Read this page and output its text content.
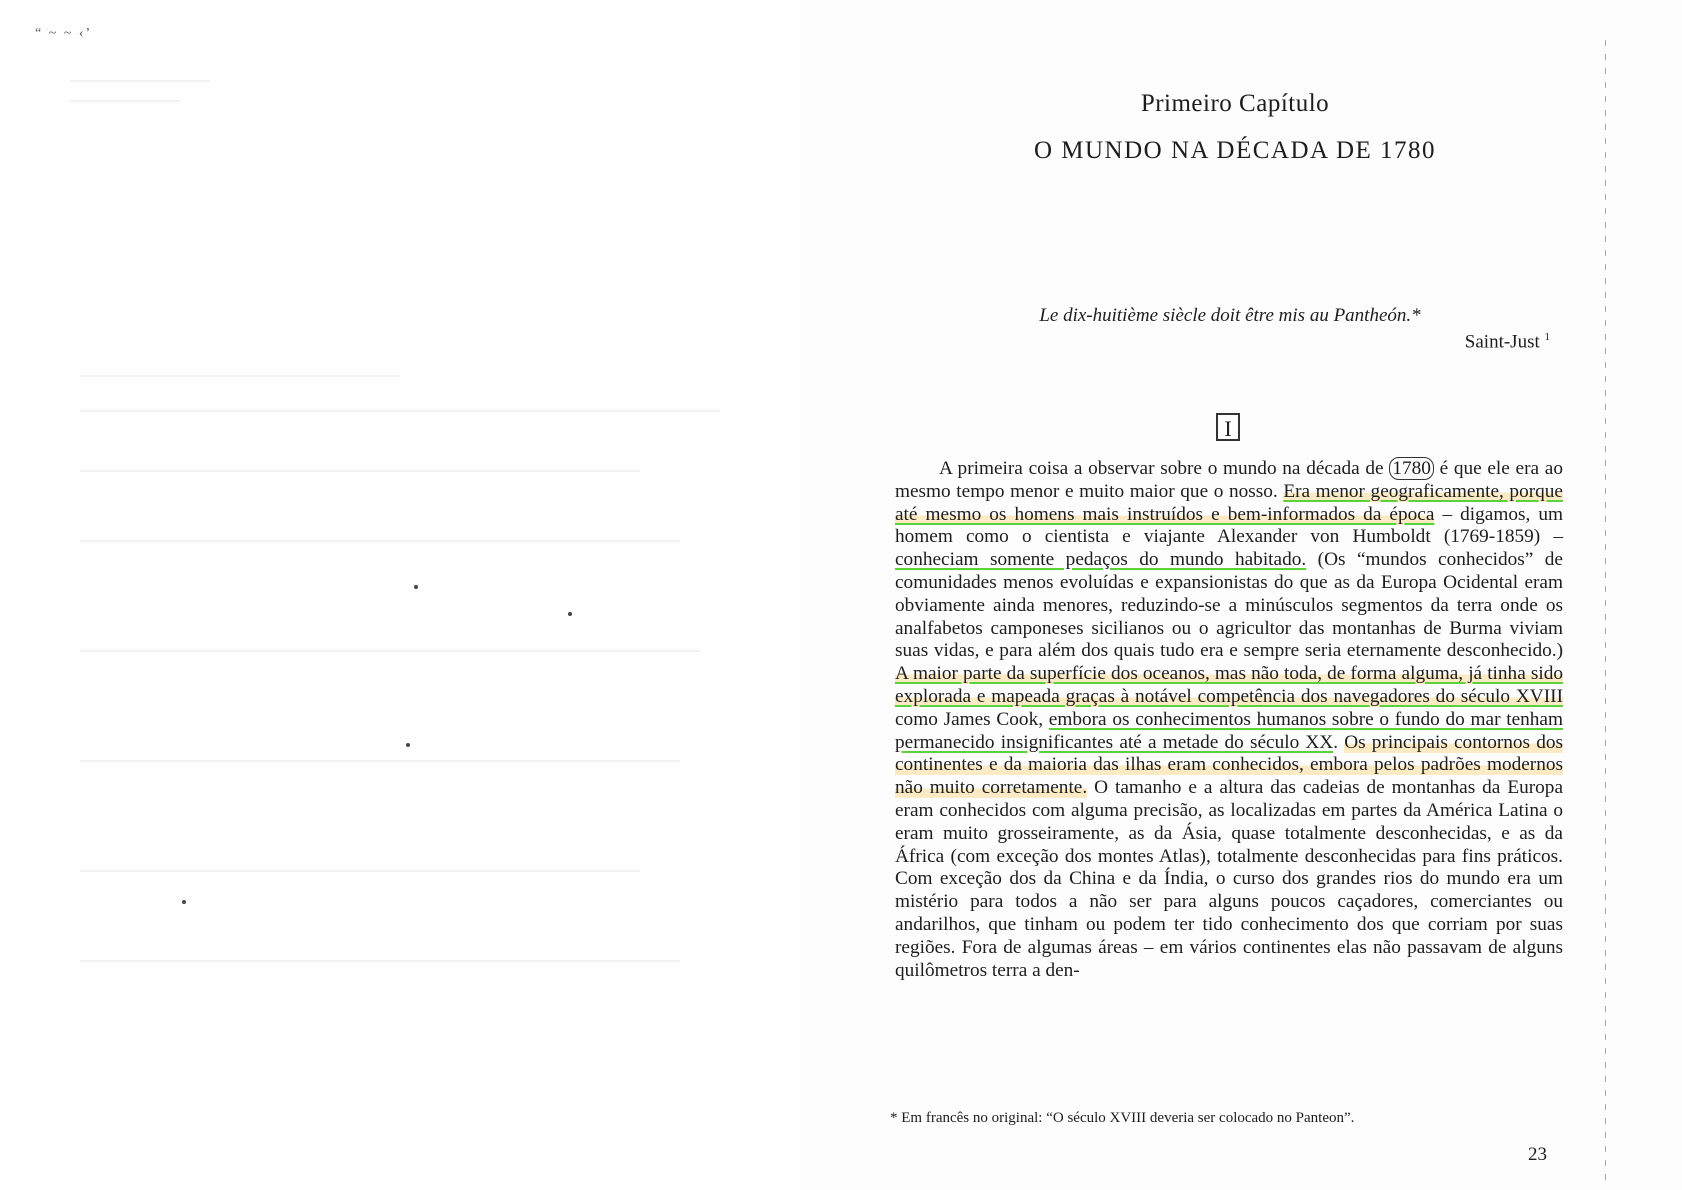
“ ~ ~ ‹’
Primeiro Capítulo
O MUNDO NA DÉCADA DE 1780

Le dix-huitième siècle doit être mis au Pantheón.*

Saint-Just $^1$

I

A primeira coisa a observar sobre o mundo na década de 1780 é que ele era ao mesmo tempo menor e muito maior que o nosso. Era menor geograficamente, porque até mesmo os homens mais instruídos e bem-informados da época – digamos, um homem como o cientista e viajante Alexander von Humboldt (1769-1859) – conheciam somente pedaços do mundo habitado. (Os “mundos conhecidos” de comunidades menos evoluídas e expansionistas do que as da Europa Ocidental eram obviamente ainda menores, reduzindo-se a minúsculos segmentos da terra onde os analfabetos camponeses sicilianos ou o agricultor das montanhas de Burma viviam suas vidas, e para além dos quais tudo era e sempre seria eternamente desconhecido.) A maior parte da superfície dos oceanos, mas não toda, de forma alguma, já tinha sido explorada e mapeada graças à notável competência dos navegadores do século XVIII como James Cook, embora os conhecimentos humanos sobre o fundo do mar tenham permanecido insignificantes até a metade do século XX. Os principais contornos dos continentes e da maioria das ilhas eram conhecidos, embora pelos padrões modernos não muito corretamente. O tamanho e a altura das cadeias de montanhas da Europa eram conhecidos com alguma precisão, as localizadas em partes da América Latina o eram muito grosseiramente, as da Ásia, quase totalmente desconhecidas, e as da África (com exceção dos montes Atlas), totalmente desconhecidas para fins práticos. Com exceção dos da China e da Índia, o curso dos grandes rios do mundo era um mistério para todos a não ser para alguns poucos caçadores, comerciantes ou andarilhos, que tinham ou podem ter tido conhecimento dos que corriam por suas regiões. Fora de algumas áreas – em vários continentes elas não passavam de alguns quilômetros terra a den-

* Em francês no original: “O século XVIII deveria ser colocado no Panteon”.

23
